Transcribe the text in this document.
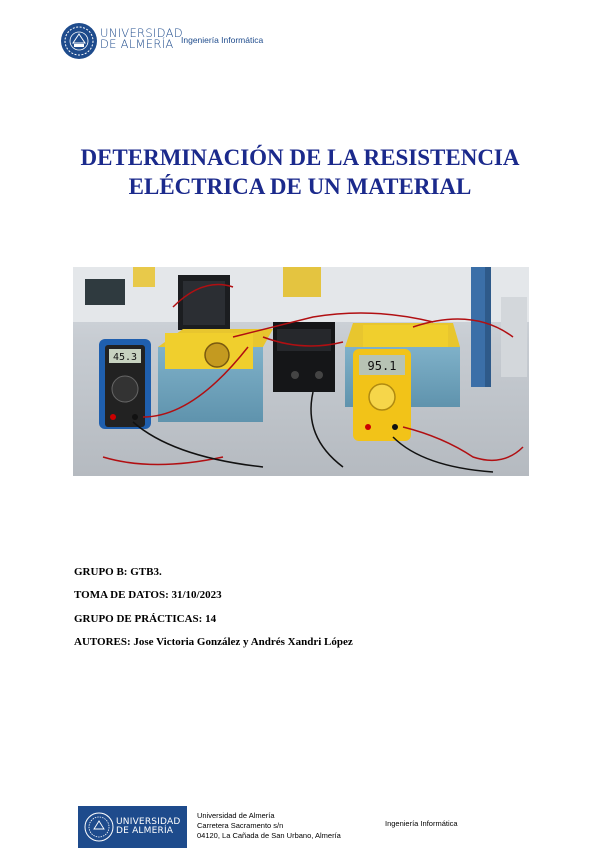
UNIVERSIDAD
DE ALMERÍA Ingeniería Informática
DETERMINACIÓN DE LA RESISTENCIA
ELÉCTRICA DE UN MATERIAL
45.3
95.1
GRUPO B: GTB3.
TOMA DE DATOS: 31/10/2023
GRUPO DE PRÁCTICAS: 14
AUTORES: Jose Victoria González y Andrés Xandri López
UNIVERSIDAD
DE ALMERÍA
Universidad de Almería
Carretera Sacramento s/n
04120, La Cañada de San Urbano, Almería
Ingeniería Informática
